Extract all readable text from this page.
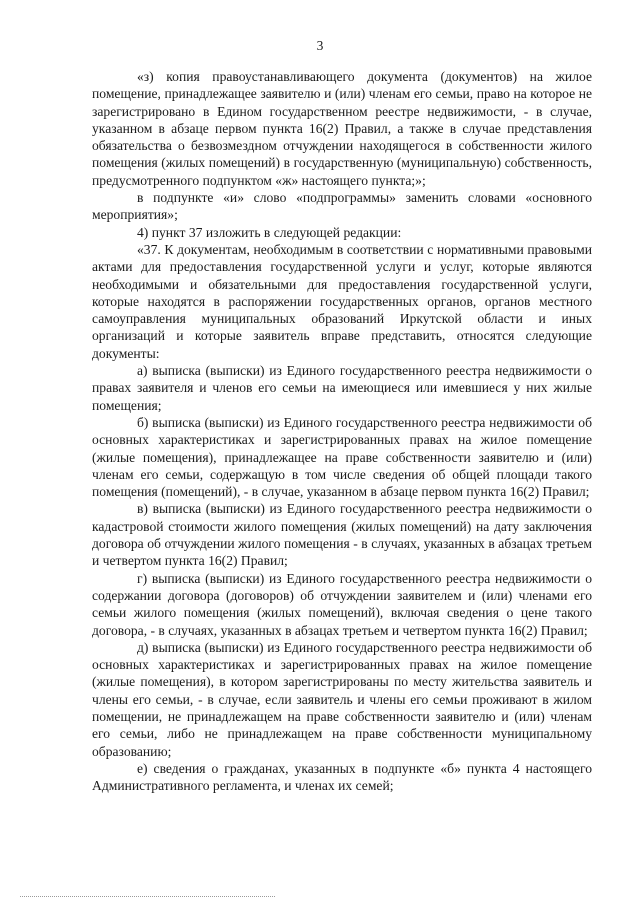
3

«з) копия правоустанавливающего документа (документов) на жилое помещение, принадлежащее заявителю и (или) членам его семьи, право на которое не зарегистрировано в Едином государственном реестре недвижимости, - в случае, указанном в абзаце первом пункта 16(2) Правил, а также в случае представления обязательства о безвозмездном отчуждении находящегося в собственности жилого помещения (жилых помещений) в государственную (муниципальную) собственность, предусмотренного подпунктом «ж» настоящего пункта;»;

в подпункте «и» слово «подпрограммы» заменить словами «основного мероприятия»;

4) пункт 37 изложить в следующей редакции:

«37. К документам, необходимым в соответствии с нормативными правовыми актами для предоставления государственной услуги и услуг, которые являются необходимыми и обязательными для предоставления государственной услуги, которые находятся в распоряжении государственных органов, органов местного самоуправления муниципальных образований Иркутской области и иных организаций и которые заявитель вправе представить, относятся следующие документы:

а) выписка (выписки) из Единого государственного реестра недвижимости о правах заявителя и членов его семьи на имеющиеся или имевшиеся у них жилые помещения;

б) выписка (выписки) из Единого государственного реестра недвижимости об основных характеристиках и зарегистрированных правах на жилое помещение (жилые помещения), принадлежащее на праве собственности заявителю и (или) членам его семьи, содержащую в том числе сведения об общей площади такого помещения (помещений), - в случае, указанном в абзаце первом пункта 16(2) Правил;

в) выписка (выписки) из Единого государственного реестра недвижимости о кадастровой стоимости жилого помещения (жилых помещений) на дату заключения договора об отчуждении жилого помещения - в случаях, указанных в абзацах третьем и четвертом пункта 16(2) Правил;

г) выписка (выписки) из Единого государственного реестра недвижимости о содержании договора (договоров) об отчуждении заявителем и (или) членами его семьи жилого помещения (жилых помещений), включая сведения о цене такого договора, - в случаях, указанных в абзацах третьем и четвертом пункта 16(2) Правил;

д) выписка (выписки) из Единого государственного реестра недвижимости об основных характеристиках и зарегистрированных правах на жилое помещение (жилые помещения), в котором зарегистрированы по месту жительства заявитель и члены его семьи, - в случае, если заявитель и члены его семьи проживают в жилом помещении, не принадлежащем на праве собственности заявителю и (или) членам его семьи, либо не принадлежащем на праве собственности муниципальному образованию;

е) сведения о гражданах, указанных в подпункте «б» пункта 4 настоящего Административного регламента, и членах их семей;
